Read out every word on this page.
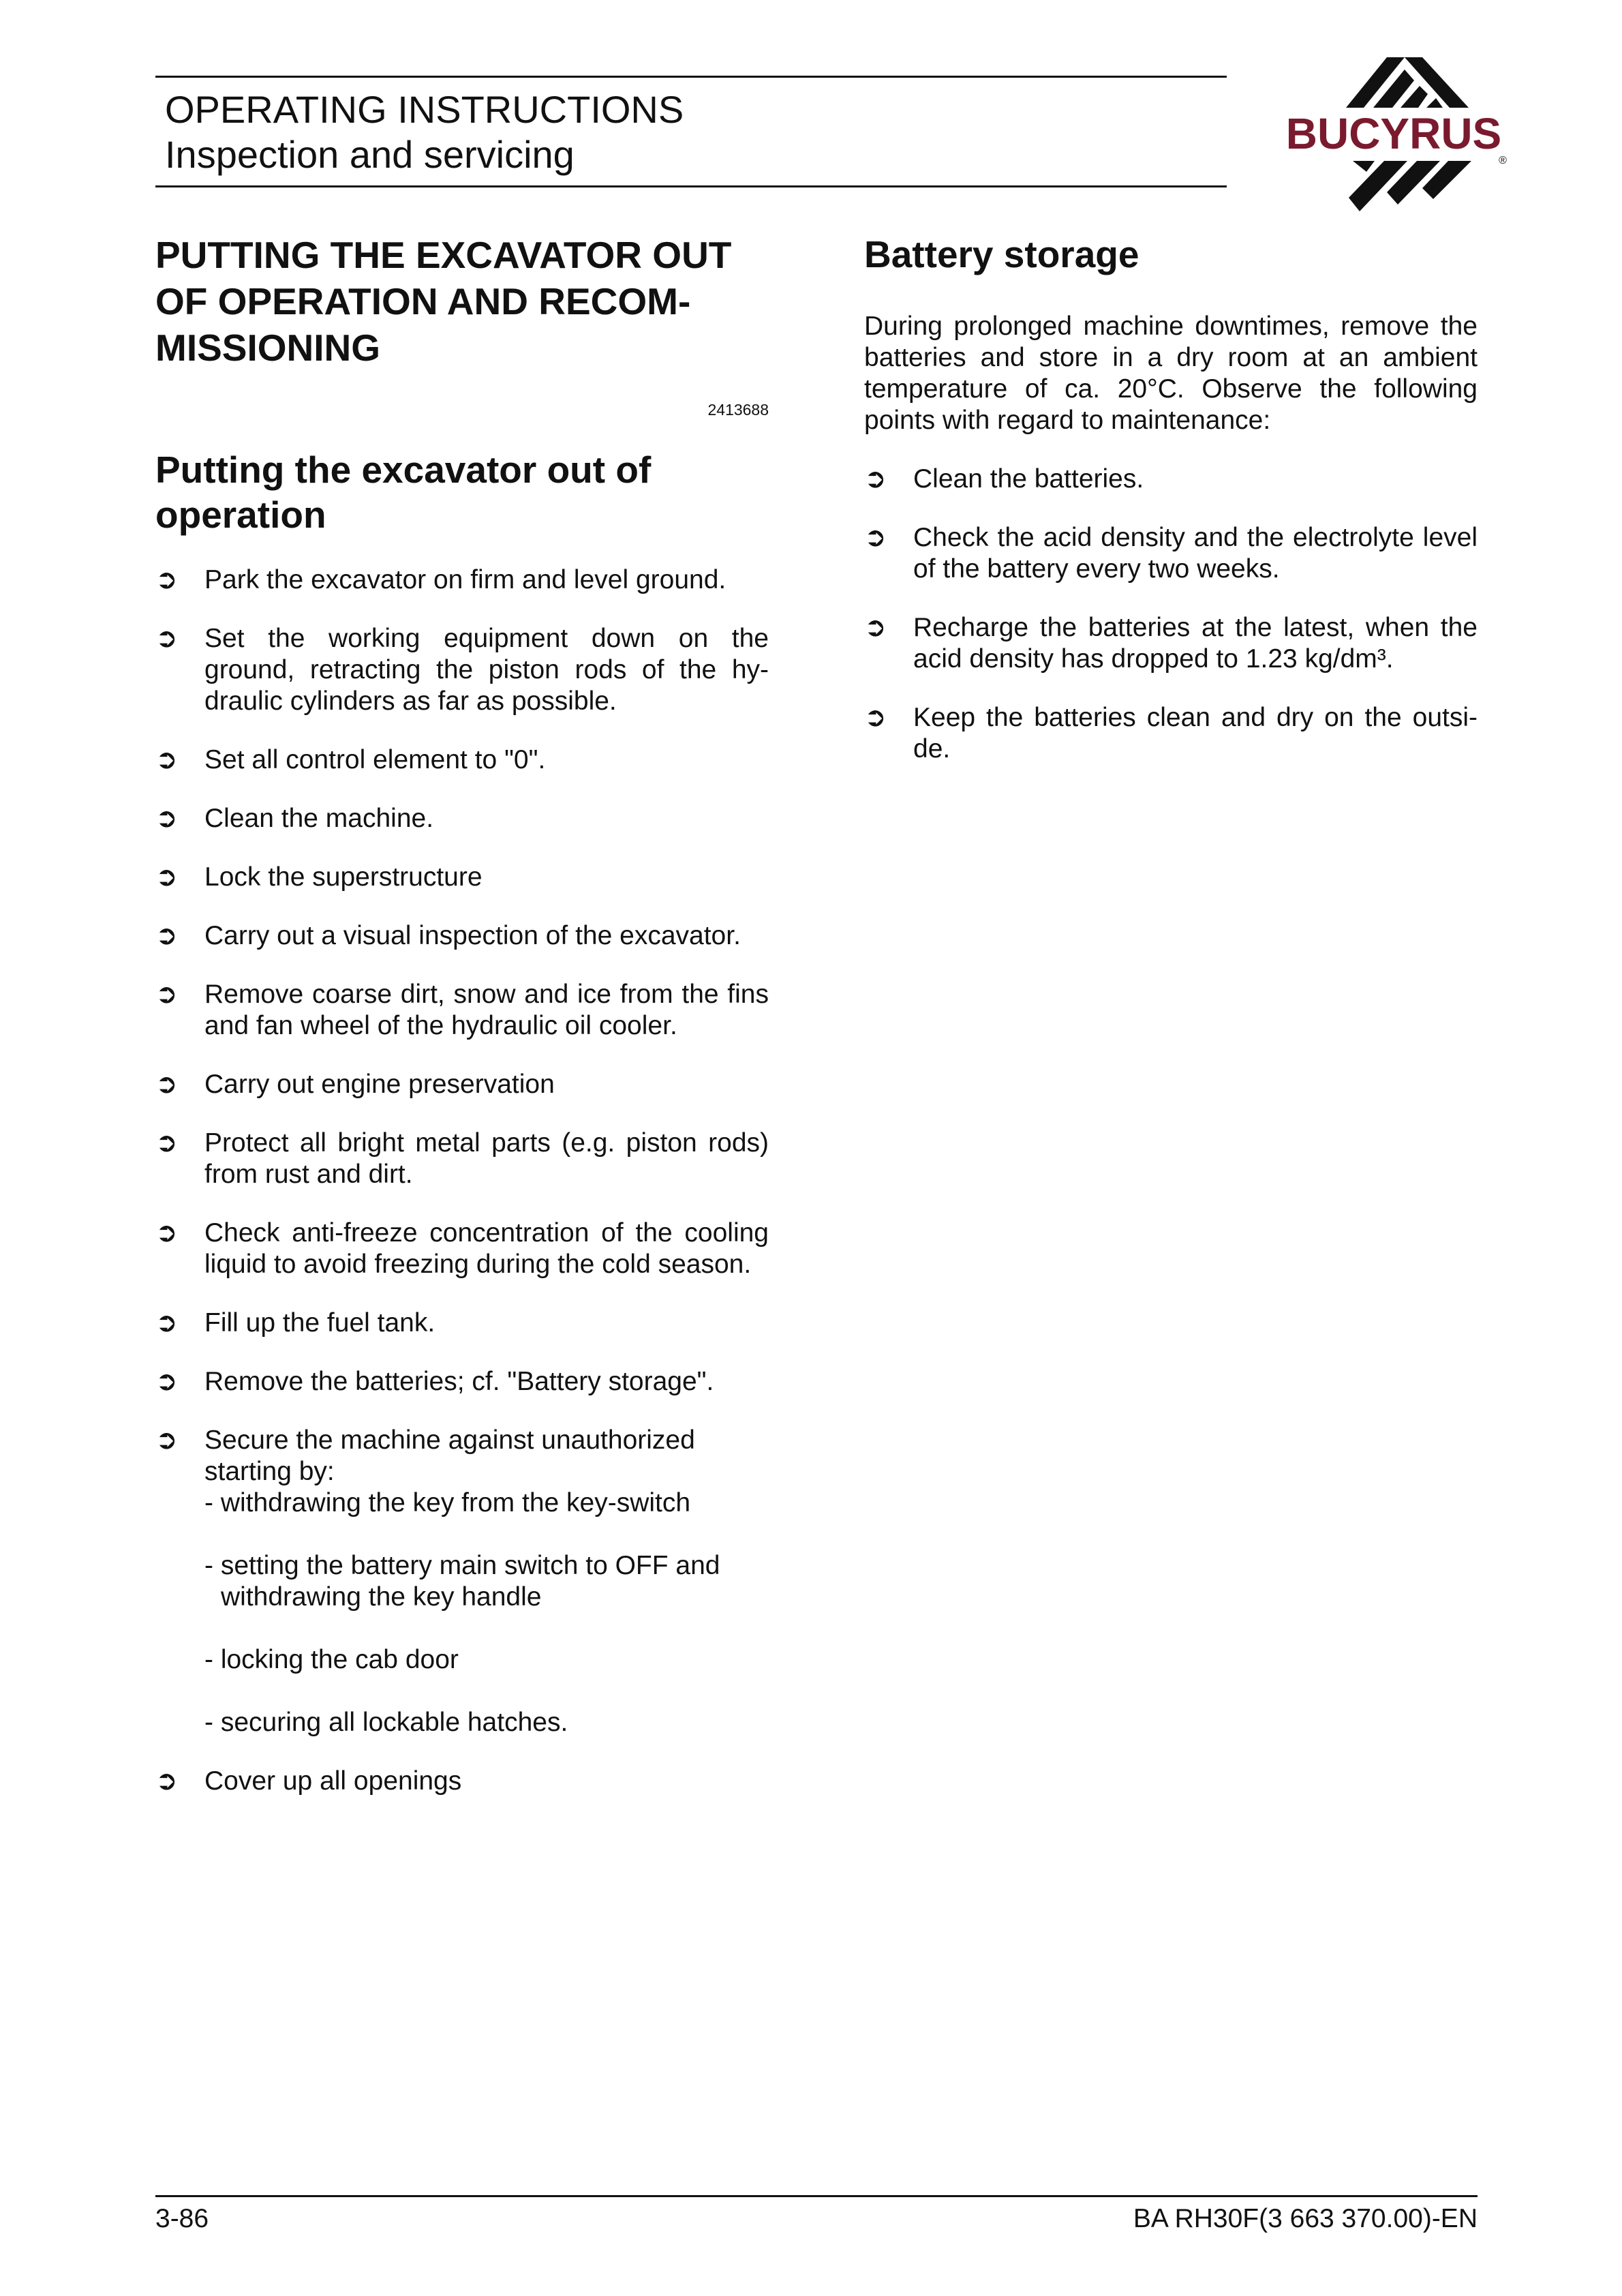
OPERATING INSTRUCTIONS
Inspection and servicing	BUCYRUS
®
PUTTING THE EXCAVATOR OUT OF OPERATION AND RECOM-MISSIONING
2413688
Putting the excavator out of operation
➲ Park the excavator on firm and level ground.
➲ Set the working equipment down on the ground, retracting the piston rods of the hy-draulic cylinders as far as possible.
➲ Set all control element to "0".
➲ Clean the machine.
➲ Lock the superstructure
➲ Carry out a visual inspection of the excavator.
➲ Remove coarse dirt, snow and ice from the fins and fan wheel of the hydraulic oil cooler.
➲ Carry out engine preservation
➲ Protect all bright metal parts (e.g. piston rods) from rust and dirt.
➲ Check anti-freeze concentration of the cooling liquid to avoid freezing during the cold season.
➲ Fill up the fuel tank.
➲ Remove the batteries; cf. "Battery storage".
➲ Secure the machine against unauthorized starting by:
- withdrawing the key from the key-switch
- setting the battery main switch to OFF and
withdrawing the key handle
- locking the cab door
- securing all lockable hatches.
➲ Cover up all openings
Battery storage

During prolonged machine downtimes, remove the batteries and store in a dry room at an ambient temperature of ca. 20°C. Observe the following points with regard to maintenance:

➲ Clean the batteries.
➲ Check the acid density and the electrolyte level of the battery every two weeks.
➲ Recharge the batteries at the latest, when the acid density has dropped to 1.23 kg/dm³.
➲ Keep the batteries clean and dry on the outsi-de.
3-86	BA RH30F(3 663 370.00)-EN
